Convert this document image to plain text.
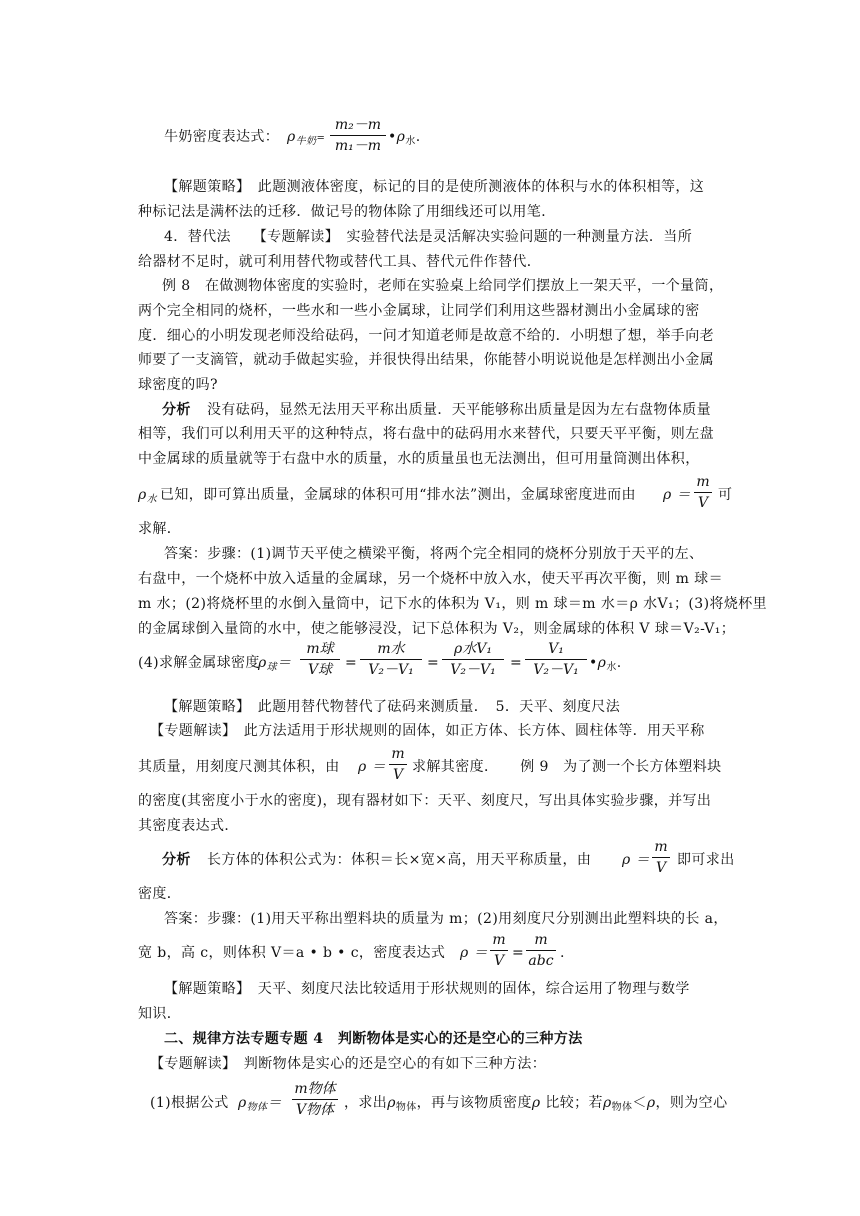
牛奶密度表达式： $\rho_{牛奶}=$
m₂－m
m₁－m
$•\rho_水$.
【解题策略】　此题测液体密度，标记的目的是使所测液体的体积与水的体积相等，这
种标记法是满杯法的迁移．做记号的物体除了用细线还可以用笔．
4．替代法　　【专题解读】　实验替代法是灵活解决实验问题的一种测量方法．当所
给器材不足时，就可利用替代物或替代工具、替代元件作替代．
例 8　在做测物体密度的实验时，老师在实验桌上给同学们摆放上一架天平，一个量筒，
两个完全相同的烧杯，一些水和一些小金属球，让同学们利用这些器材测出小金属球的密
度．细心的小明发现老师没给砝码，一问才知道老师是故意不给的．小明想了想，举手向老
师要了一支滴管，就动手做起实验，并很快得出结果，你能替小明说说他是怎样测出小金属
球密度的吗?
分析 没有砝码，显然无法用天平称出质量．天平能够称出质量是因为左右盘物体质量
相等，我们可以利用天平的这种特点，将右盘中的砝码用水来替代，只要天平平衡，则左盘
中金属球的质量就等于右盘中水的质量，水的质量虽也无法测出，但可用量筒测出体积，
$\rho_水$ 已知，即可算出质量，金属球的体积可用“排水法”测出，金属球密度进而由 ρ ＝
m
V 可
求解．
答案：步骤：(1)调节天平使之横梁平衡，将两个完全相同的烧杯分别放于天平的左、
右盘中，一个烧杯中放入适量的金属球，另一个烧杯中放入水，使天平再次平衡，则 m 球＝
m 水；(2)将烧杯里的水倒入量筒中，记下水的体积为 V₁，则 m 球＝m 水＝ρ 水V₁；(3)将烧杯里
的金属球倒入量筒的水中，使之能够浸没，记下总体积为 V₂，则金属球的体积 V 球＝V₂-V₁；
(4)求解金属球密度
$\rho_球=$
m球
V球 =
m水
V₂－V₁ =
ρ水V₁
V₂－V₁	=
V₁
V₂－V₁ $•\rho_水$.
【解题策略】　此题用替代物替代了砝码来测质量．　5．天平、刻度尺法
【专题解读】　此方法适用于形状规则的固体，如正方体、长方体、圆柱体等．用天平称
其质量，用刻度尺测其体积，由 ρ ＝
m
V 求解其密度．　　例 9　为了测一个长方体塑料块
的密度(其密度小于水的密度)，现有器材如下：天平、刻度尺，写出具体实验步骤，并写出
其密度表达式．
分析 长方体的体积公式为：体积＝长×宽×高，用天平称质量，由 ρ ＝
m
V 即可求出
密度．
答案：步骤：(1)用天平称出塑料块的质量为 m；(2)用刻度尺分别测出此塑料块的长 a，
宽 b，高 c，则体积 V＝a • b • c，密度表达式 ρ ＝
m
V =
m
abc .
【解题策略】　天平、刻度尺法比较适用于形状规则的固体，综合运用了物理与数学
知识．
二、规律方法专题专题 4　判断物体是实心的还是空心的三种方法
【专题解读】　判断物体是实心的还是空心的有如下三种方法：
(1)根据公式 $\rho_{物体}=$
m物体
V物体 ，求出$\rho_{物体}$，再与该物质密度ρ 比较；若$\rho_{物体}<\rho$，则为空心
